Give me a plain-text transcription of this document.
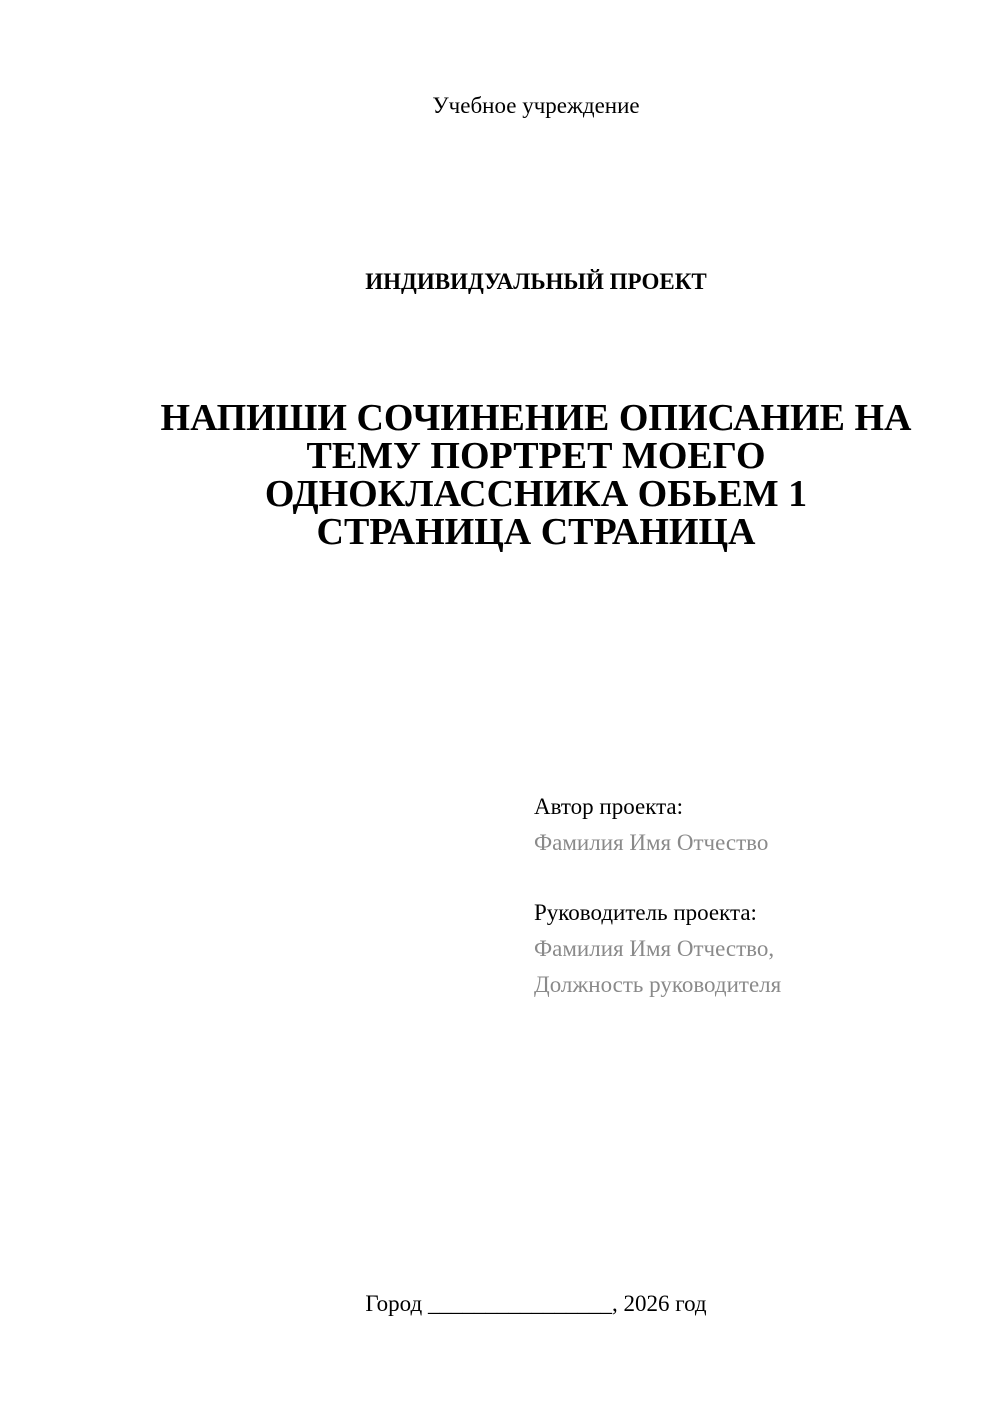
Учебное учреждение
ИНДИВИДУАЛЬНЫЙ ПРОЕКТ
НАПИШИ СОЧИНЕНИЕ ОПИСАНИЕ НА
ТЕМУ ПОРТРЕТ МОЕГО
ОДНОКЛАССНИКА ОБЬЕМ 1
СТРАНИЦА СТРАНИЦА
Автор проекта:
Фамилия Имя Отчество
Руководитель проекта:
Фамилия Имя Отчество,
Должность руководителя
Город ________________, 2026 год
